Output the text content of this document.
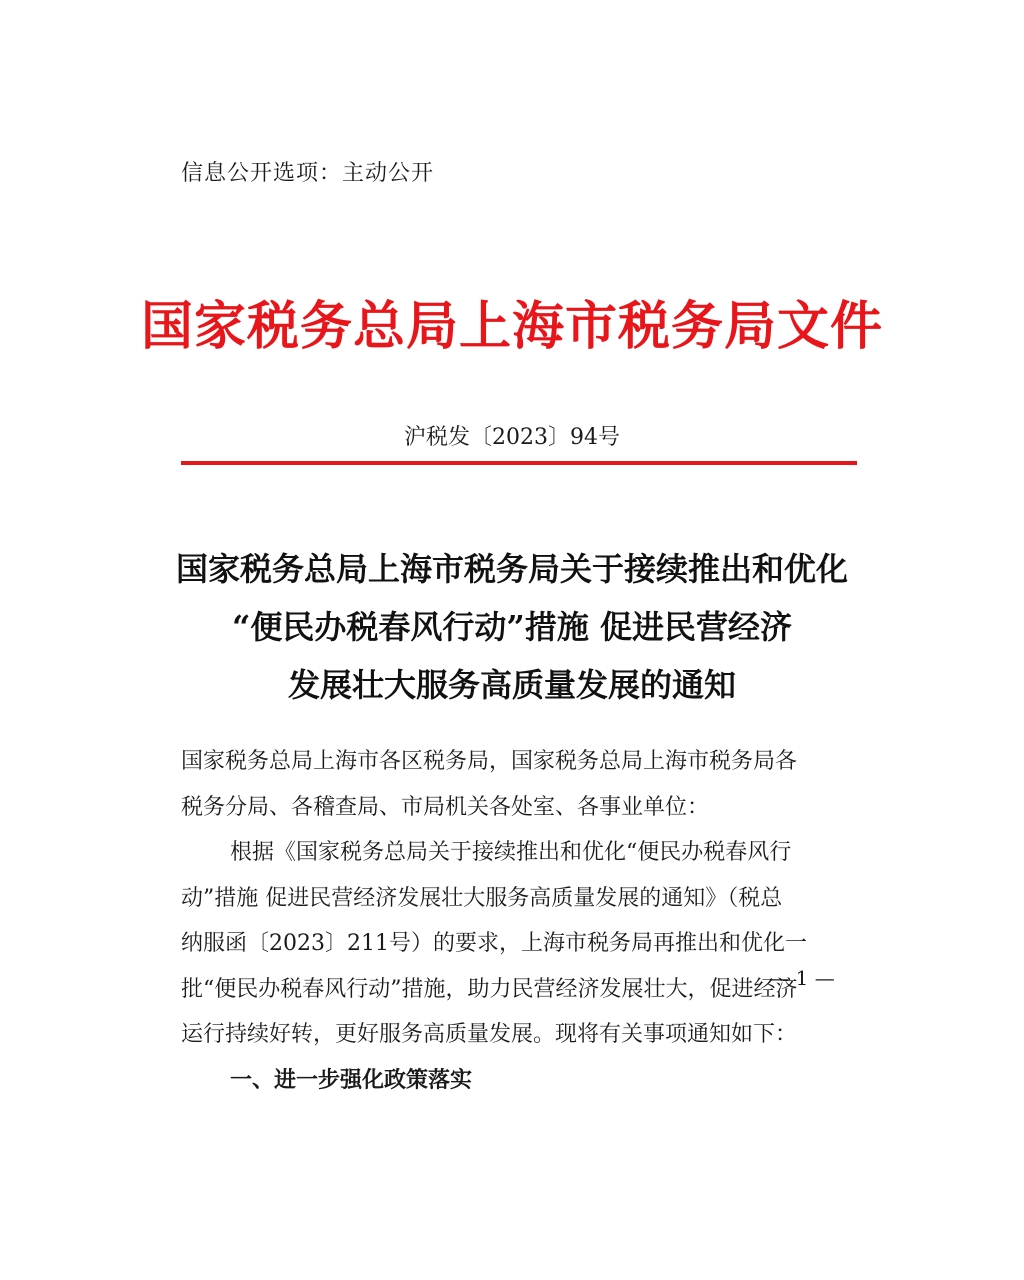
信息公开选项：主动公开
国家税务总局上海市税务局文件
沪税发〔2023〕94号
国家税务总局上海市税务局关于接续推出和优化
“便民办税春风行动”措施 促进民营经济
发展壮大服务高质量发展的通知
国家税务总局上海市各区税务局，国家税务总局上海市税务局各
税务分局、各稽查局、市局机关各处室、各事业单位：
根据《国家税务总局关于接续推出和优化“便民办税春风行
动”措施 促进民营经济发展壮大服务高质量发展的通知》（税总
纳服函〔2023〕211号）的要求，上海市税务局再推出和优化一
批“便民办税春风行动”措施，助力民营经济发展壮大，促进经济
运行持续好转，更好服务高质量发展。现将有关事项通知如下：
一、进一步强化政策落实
— 1 —
